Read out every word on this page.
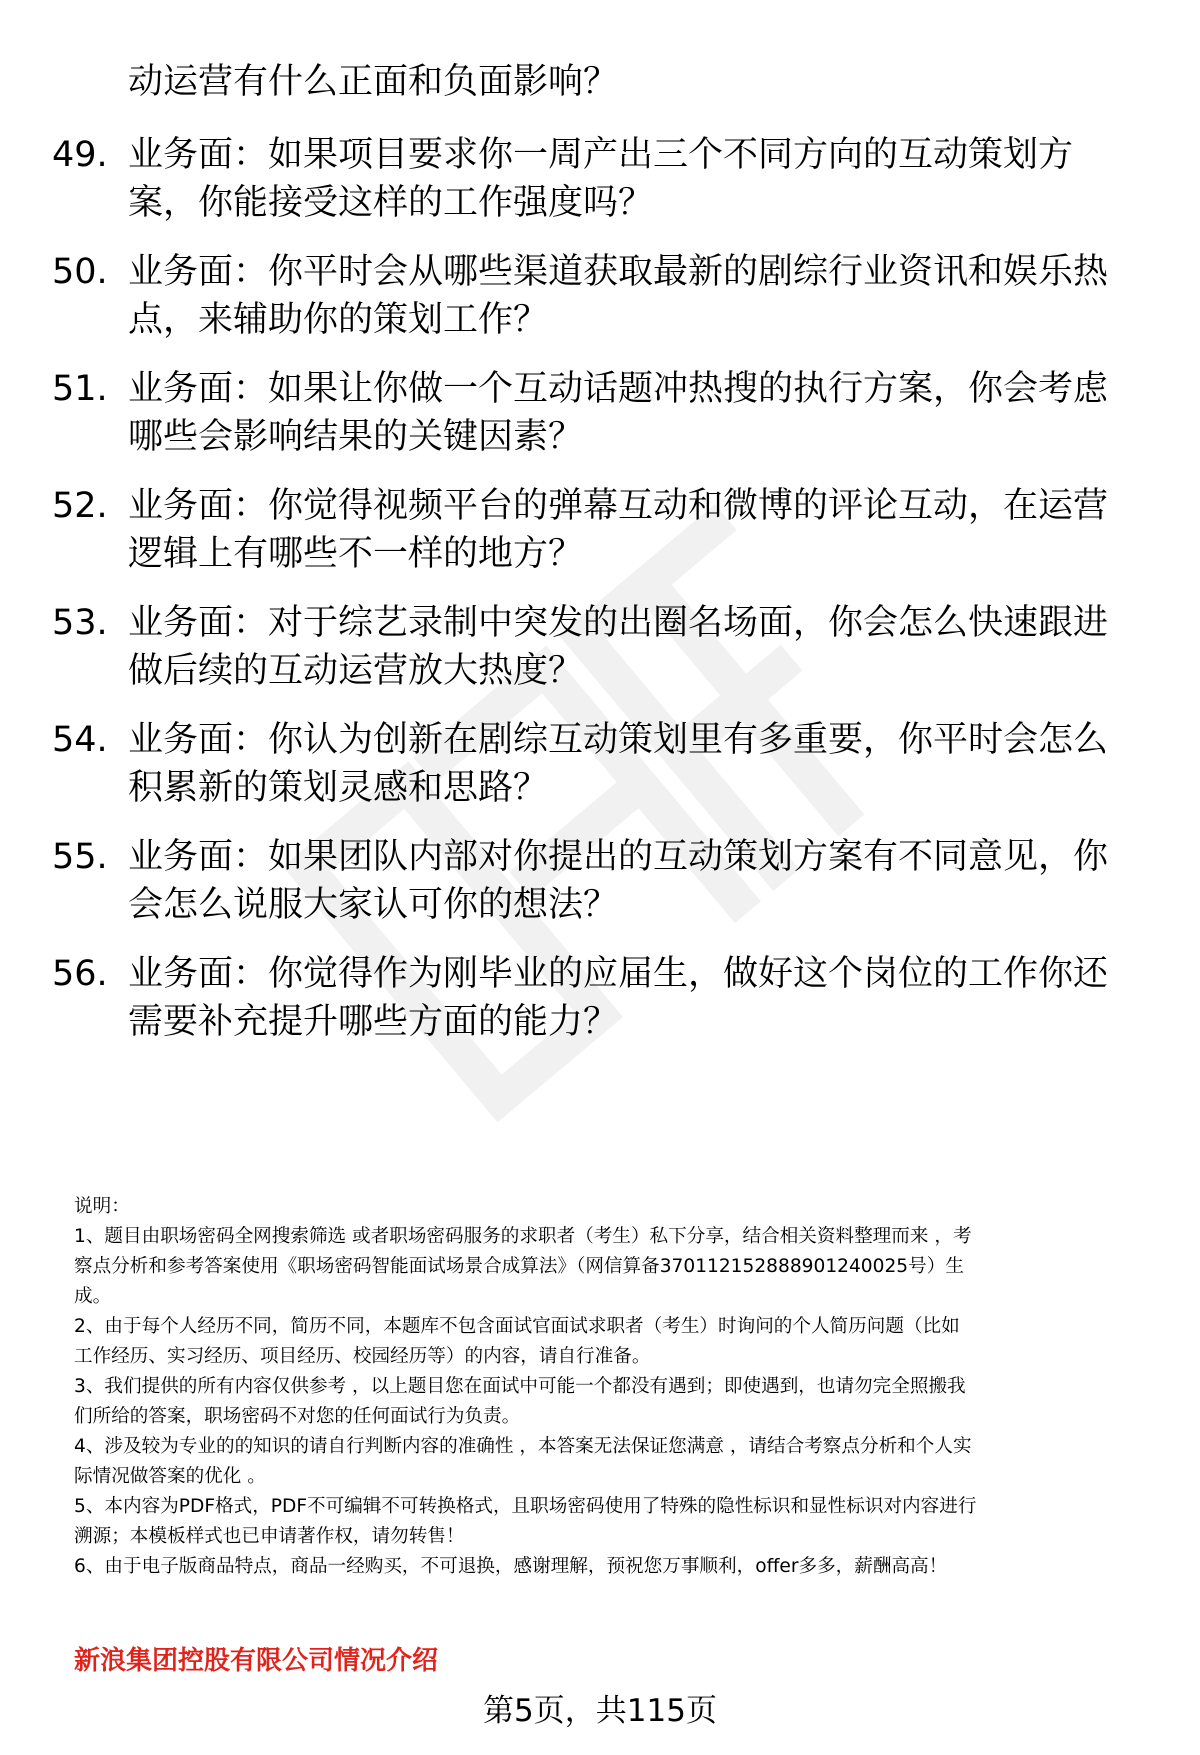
动运营有什么正面和负面影响？

49. 业务面：如果项目要求你一周产出三个不同方向的互动策划方
案，你能接受这样的工作强度吗？
50. 业务面：你平时会从哪些渠道获取最新的剧综行业资讯和娱乐热
点，来辅助你的策划工作？
51. 业务面：如果让你做一个互动话题冲热搜的执行方案，你会考虑
哪些会影响结果的关键因素？
52. 业务面：你觉得视频平台的弹幕互动和微博的评论互动，在运营
逻辑上有哪些不一样的地方？
53. 业务面：对于综艺录制中突发的出圈名场面，你会怎么快速跟进
做后续的互动运营放大热度？
54. 业务面：你认为创新在剧综互动策划里有多重要，你平时会怎么
积累新的策划灵感和思路？
55. 业务面：如果团队内部对你提出的互动策划方案有不同意见，你
会怎么说服大家认可你的想法？
56. 业务面：你觉得作为刚毕业的应届生，做好这个岗位的工作你还
需要补充提升哪些方面的能力？
说明：
1、题目由职场密码全网搜索筛选 或者职场密码服务的求职者（考生）私下分享，结合相关资料整理而来 ，考
察点分析和参考答案使用《职场密码智能面试场景合成算法》（网信算备370112152888901240025号）生
成。
2、由于每个人经历不同，简历不同，本题库不包含面试官面试求职者（考生）时询问的个人简历问题（比如
工作经历、实习经历、项目经历、校园经历等）的内容，请自行准备。
3、我们提供的所有内容仅供参考 ，以上题目您在面试中可能一个都没有遇到；即使遇到，也请勿完全照搬我
们所给的答案，职场密码不对您的任何面试行为负责。
4、涉及较为专业的的知识的请自行判断内容的准确性 ，本答案无法保证您满意 ，请结合考察点分析和个人实
际情况做答案的优化 。
5、本内容为PDF格式，PDF不可编辑不可转换格式，且职场密码使用了特殊的隐性标识和显性标识对内容进行
溯源；本模板样式也已申请著作权，请勿转售！
6、由于电子版商品特点，商品一经购买，不可退换，感谢理解，预祝您万事顺利，offer多多，薪酬高高！
新浪集团控股有限公司情况介绍
第5页，共115页
